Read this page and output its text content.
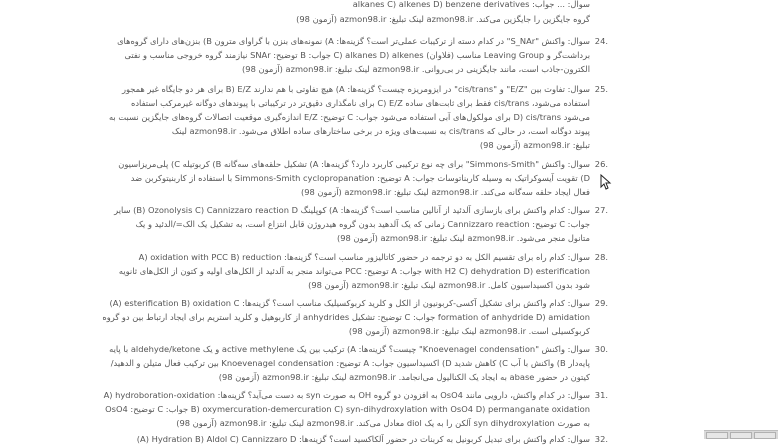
سوال: ... جواب: alkanes C) alkenes D) benzene derivatives
گروه جایگزین را جایگزین می‌کند. azmon98.ir لینک تبلیغ: azmon98.ir (آزمون 98)
سوال: واکنش "S_NAr" در کدام دسته از ترکیبات عملی‌تر است؟ گزینه‌ها: A) نمونه‌های بنزن با گراوای مترون B) بنزن‌های دارای گروه‌های
برداشت‌گر و Leaving Group مناسب (فلاوان) C) alkanes D) alkenes جواب: B توضیح: SNAr نیازمند گروه خروجی مناسب و نفتی
الکترون-جاذب است، مانند جایگزینی در بی‌روانی. azmon98.ir لینک تبلیغ: azmon98.ir (آزمون 98)
سوال: تفاوت بین "E/Z" و "cis/trans" در ایزومریزه چیست؟ گزینه‌ها: A) هیچ تفاوتی با هم ندارند B) E/Z برای هر دو جایگاه غیر همجور
استفاده می‌شود، cis/trans فقط برای ثابت‌های ساده C) E/Z برای نامگذاری دقیق‌تر در ترکیباتی با پیوندهای دوگانه غیرمرکب استفاده
می‌شود D) cis/trans برای مولکول‌های آبی استفاده می‌شود جواب: C توضیح: E/Z اندازه‌گیری موقعیت اتصالات گروه‌های جایگزین نسبت به
پیوند دوگانه است، در حالی که cis/trans به نسبت‌های ویژه در برخی ساختارهای ساده اطلاق می‌شود. azmon98.ir لینک
تبلیغ: azmon98.ir (آزمون 98)
سوال: واکنش "Simmons-Smith" برای چه نوع ترکیبی کاربرد دارد؟ گزینه‌ها: A) تشکیل حلقه‌های سه‌گانه B) کربوتیله C) پلی‌مریزاسیون
D) تقویت آیسوکراتیک به وسیله کاربناتوسات جواب: A توضیح: Simmons-Smith cyclopropanation با استفاده از کاربنیتوکربن ضد
فعال ایجاد حلقه سه‌گانه می‌کند. azmon98.ir لینک تبلیغ: azmon98.ir (آزمون 98)
سوال: کدام واکنش برای بازسازی آلدئید از آنالین مناسب است؟ گزینه‌ها: A) کوپلینگ B) Ozonolysis C) Cannizzaro reaction D) سایر
جواب: C توضیح: Cannizzaro reaction زمانی که یک آلدهید بدون گروه هیدروژن قابل انتزاع است، به تشکیل یک الک=/الدئید و یک
متانول منجر می‌شود. azmon98.ir لینک تبلیغ: azmon98.ir (آزمون 98)
سوال: کدام راه برای تقسیم الکل به دو ترجمه در حضور کاتالیزور مناسب است؟ گزینه‌ها: A) oxidation with PCC B) reduction
with H2 C) dehydration D) esterification جواب: A توضیح: PCC می‌تواند منجر به آلدئید از الکل‌های اولیه و کتون از الکل‌های ثانویه
شود بدون اکسیداسیون کامل. azmon98.ir لینک تبلیغ: azmon98.ir (آزمون 98)
سوال: کدام واکنش برای تشکیل آکسی-کربونیون از الکل و کلرید کربوکسیلیک مناسب است؟ گزینه‌ها: A) esterification B) oxidation C)
formation of anhydride D) amidation جواب: C توضیح: تشکیل anhydrides از کاربوهیل و کلرید استریم برای ایجاد ارتباط بین دو گروه
کربوکسیلی است. azmon98.ir لینک تبلیغ: azmon98.ir (آزمون 98)
سوال: واکنش "Knoevenagel condensation" چیست؟ گزینه‌ها: A) ترکیب بین یک active methylene و یک aldehyde/ketone با پایه
پایه‌دار B) واکنش با آب C) کاهش شدید D) اکسیداسیون جواب: A توضیح: Knoevenagel condensation بین ترکیب فعال متیلن و الدهید/
کیتون در حضور abase به ایجاد یک الکنالیول می‌انجامد. azmon98.ir لینک تبلیغ: azmon98.ir (آزمون 98)
سوال: در کدام واکنش، دارویی مانند OsO4 به افزودن دو گروه OH به صورت syn به دست می‌آید؟ گزینه‌ها: A) hydroboration-oxidation
B) oxymercuration-demercuration C) syn-dihydroxylation with OsO4 D) permanganate oxidation جواب: C توضیح: OsO4
به صورت syn dihydroxylation آلکن را به یک diol معادل می‌کند. azmon98.ir لینک تبلیغ: azmon98.ir (آزمون 98)
سوال: کدام واکنش برای تبدیل کربونیل به کربنات در حضور آلکاکسید است؟ گزینه‌ها: A) Hydration B) Aldol C) Cannizzaro D)
24.
25.
26.
27.
28.
29.
30.
31.
32.
